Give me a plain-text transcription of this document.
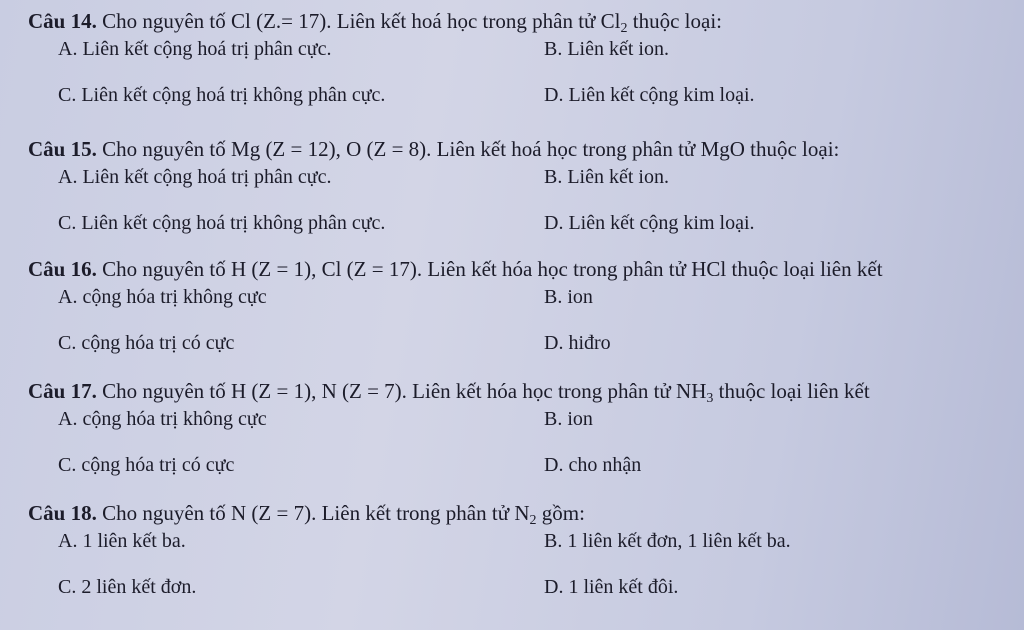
Câu 14. Cho nguyên tố Cl (Z.= 17). Liên kết hoá học trong phân tử $Cl_2$ thuộc loại:
A. Liên kết cộng hoá trị phân cực.	B. Liên kết ion.
C. Liên kết cộng hoá trị không phân cực.	D. Liên kết cộng kim loại.
Câu 15. Cho nguyên tố Mg (Z = 12), O (Z = 8). Liên kết hoá học trong phân tử MgO thuộc loại:
A. Liên kết cộng hoá trị phân cực.	B. Liên kết ion.
C. Liên kết cộng hoá trị không phân cực.	D. Liên kết cộng kim loại.
Câu 16. Cho nguyên tố H (Z = 1), Cl (Z = 17). Liên kết hóa học trong phân tử HCl thuộc loại liên kết
A. cộng hóa trị không cực	B. ion
C. cộng hóa trị có cực	D. hiđro
Câu 17. Cho nguyên tố H (Z = 1), N (Z = 7). Liên kết hóa học trong phân tử $NH_3$ thuộc loại liên kết
A. cộng hóa trị không cực	B. ion
C. cộng hóa trị có cực	D. cho nhận
Câu 18. Cho nguyên tố N (Z = 7). Liên kết trong phân tử $N_2$ gồm:
A. 1 liên kết ba.	B. 1 liên kết đơn, 1 liên kết ba.
C. 2 liên kết đơn.	D. 1 liên kết đôi.
